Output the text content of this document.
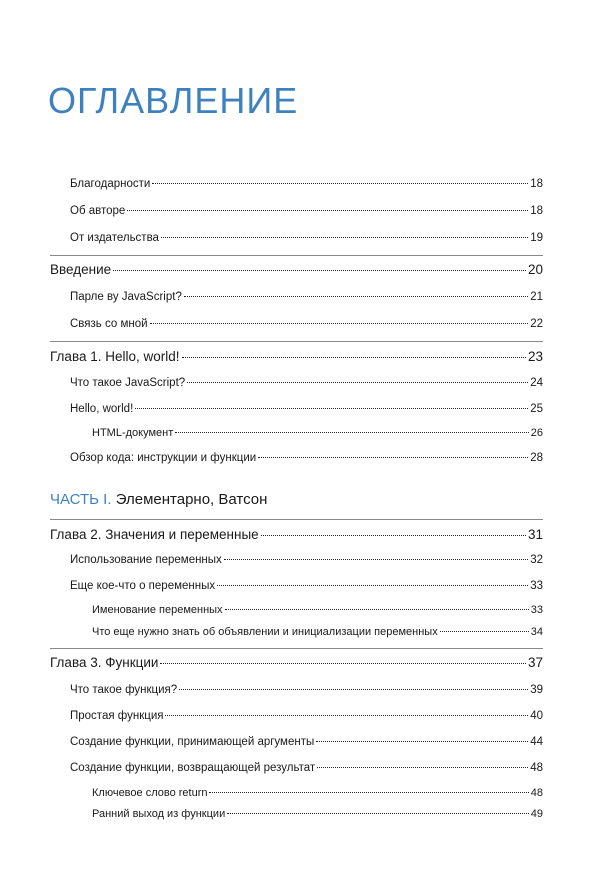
ОГЛАВЛЕНИЕ
Благодарности	18
Об авторе	18
От издательства	19
Введение	20
Парле ву JavaScript?	21
Связь со мной	22
Глава 1. Hello, world!	23
Что такое JavaScript?	24
Hello, world!	25
HTML-документ	26
Обзор кода: инструкции и функции	28
ЧАСТЬ I. Элементарно, Ватсон
Глава 2. Значения и переменные	31
Использование переменных	32
Еще кое-что о переменных	33
Именование переменных	33
Что еще нужно знать об объявлении и инициализации переменных	34
Глава 3. Функции	37
Что такое функция?	39
Простая функция	40
Создание функции, принимающей аргументы	44
Создание функции, возвращающей результат	48
Ключевое слово return	48
Ранний выход из функции	49
